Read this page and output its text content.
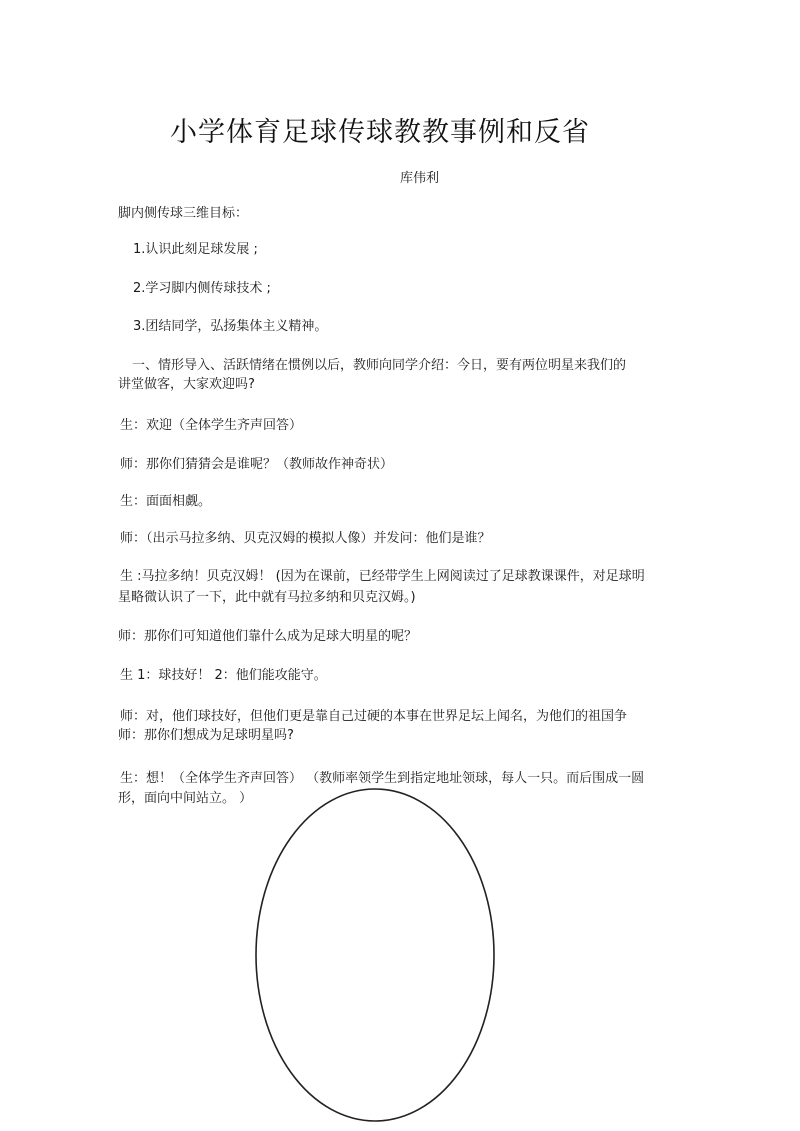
小学体育足球传球教教事例和反省
库伟利
脚内侧传球三维目标：
1.认识此刻足球发展 ;
2.学习脚内侧传球技术 ;
3.团结同学，弘扬集体主义精神。
一、情形导入、活跃情绪在惯例以后，教师向同学介绍：今日，要有两位明星来我们的
讲堂做客，大家欢迎吗?
生：欢迎（全体学生齐声回答）
师：那你们猜猜会是谁呢？（教师故作神奇状）
生：面面相觑。
师：（出示马拉多纳、贝克汉姆的模拟人像）并发问：他们是谁？
生 :马拉多纳！贝克汉姆！ (因为在课前，已经带学生上网阅读过了足球教课课件，对足球明
星略微认识了一下，此中就有马拉多纳和贝克汉姆。)
师：那你们可知道他们靠什么成为足球大明星的呢？
生 1：球技好！ 2：他们能攻能守。
师：对，他们球技好，但他们更是靠自己过硬的本事在世界足坛上闻名，为他们的祖国争
师：那你们想成为足球明星吗?
生：想！（全体学生齐声回答） （教师率领学生到指定地址领球，每人一只。而后围成一圆
形，面向中间站立。 ）
